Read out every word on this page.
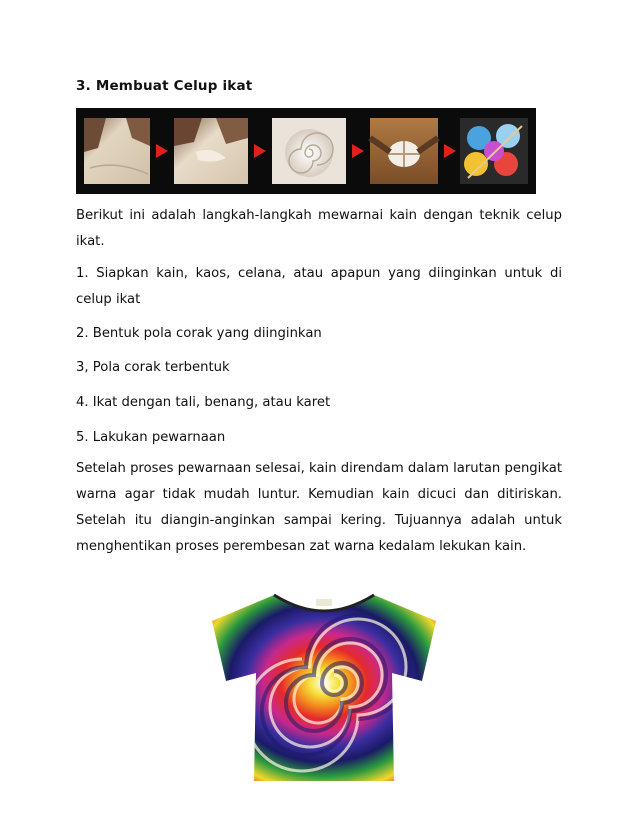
3. Membuat Celup ikat
Berikut ini adalah langkah-langkah mewarnai kain dengan teknik celup ikat.
1. Siapkan kain, kaos, celana, atau apapun yang diinginkan untuk di celup ikat
2. Bentuk pola corak yang diinginkan
3, Pola corak terbentuk
4. Ikat dengan tali, benang, atau karet
5. Lakukan pewarnaan
Setelah proses pewarnaan selesai, kain direndam dalam larutan pengikat warna agar tidak mudah luntur. Kemudian kain dicuci dan ditiriskan. Setelah itu diangin-anginkan sampai kering. Tujuannya adalah untuk menghentikan proses perembesan zat warna kedalam lekukan kain.
